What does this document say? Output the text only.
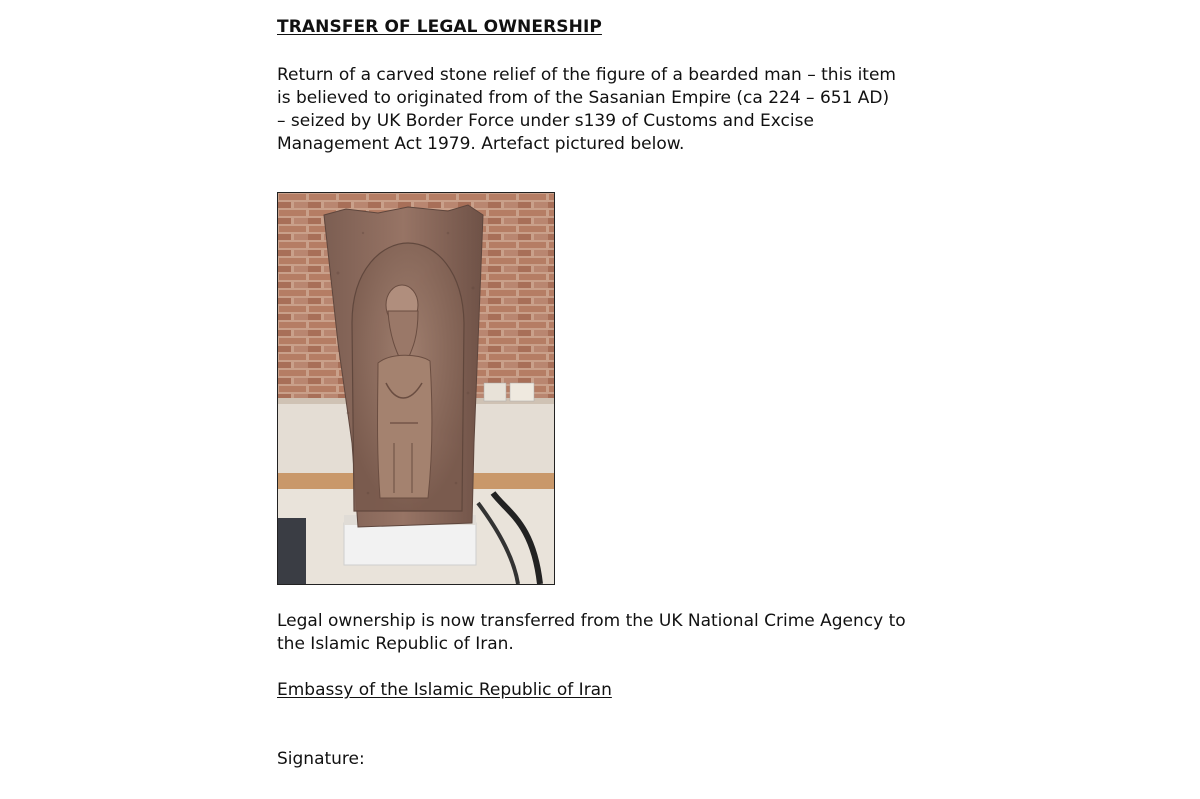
TRANSFER OF LEGAL OWNERSHIP
Return of a carved stone relief of the figure of a bearded man – this item
is believed to originated from of the Sasanian Empire (ca 224 – 651 AD)
– seized by UK Border Force under s139 of Customs and Excise
Management Act 1979. Artefact pictured below.
Legal ownership is now transferred from the UK National Crime Agency to
the Islamic Republic of Iran.
Embassy of the Islamic Republic of Iran
Signature:
